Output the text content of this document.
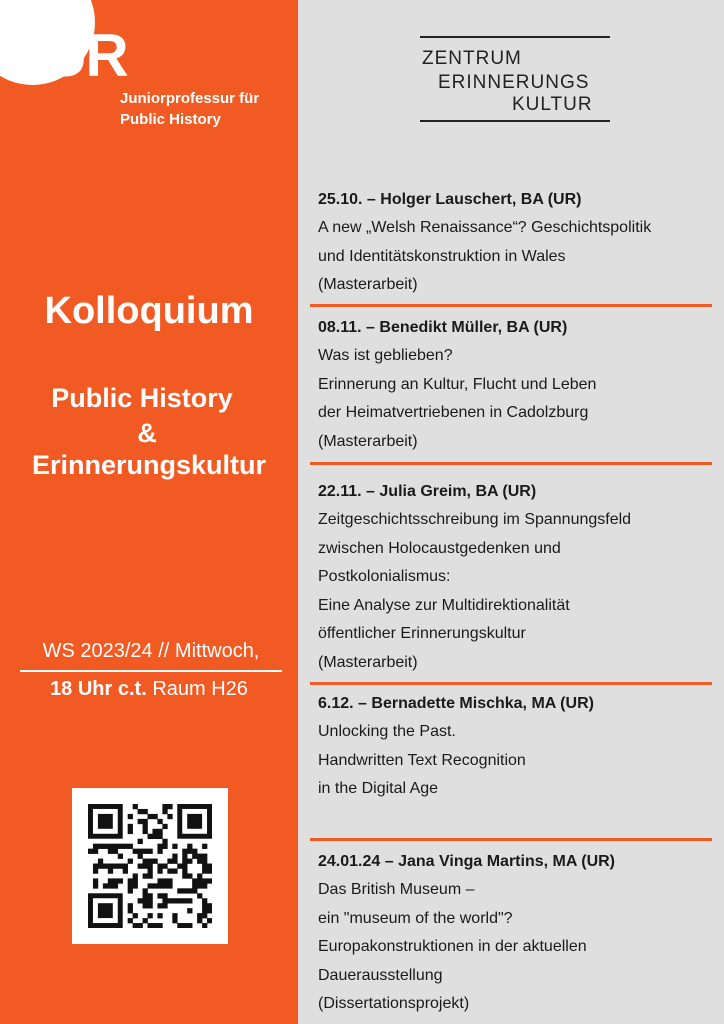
UR
Juniorprofessur für
Public History
Kolloquium
Public History
&
Erinnerungskultur
WS 2023/24 // Mittwoch,
18 Uhr c.t. Raum H26
ZENTRUM
ERINNERUNGS
KULTUR
25.10. – Holger Lauschert, BA (UR)
A new „Welsh Renaissance“? Geschichtspolitik
und Identitätskonstruktion in Wales
(Masterarbeit)
08.11. – Benedikt Müller, BA (UR)
Was ist geblieben?
Erinnerung an Kultur, Flucht und Leben
der Heimatvertriebenen in Cadolzburg
(Masterarbeit)
22.11. – Julia Greim, BA (UR)
Zeitgeschichtsschreibung im Spannungsfeld
zwischen Holocaustgedenken und
Postkolonialismus:
Eine Analyse zur Multidirektionalität
öffentlicher Erinnerungskultur
(Masterarbeit)
6.12. – Bernadette Mischka, MA (UR)
Unlocking the Past.
Handwritten Text Recognition
in the Digital Age
24.01.24 – Jana Vinga Martins, MA (UR)
Das British Museum –
ein "museum of the world"?
Europakonstruktionen in der aktuellen
Dauerausstellung
(Dissertationsprojekt)
